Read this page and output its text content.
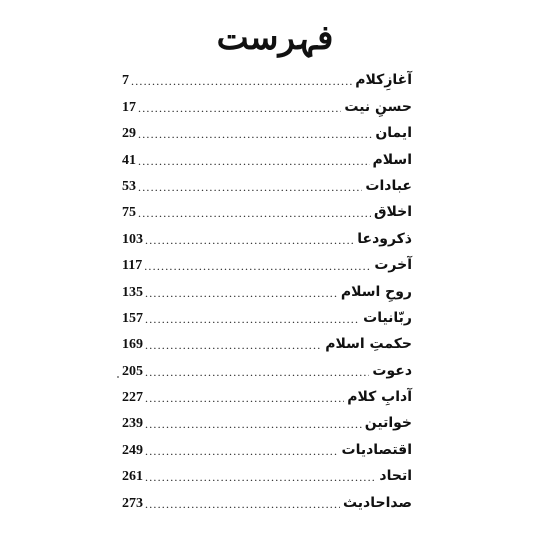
فہرست
7 .....	آغازِکلام
17 .....	حسنِ نیت
29 .....	ایمان
41 .....	اسلام
53 .....	عبادات
75 .....	اخلاق
103 .....	ذکرودعا
117 .....	آخرت
135 .....	روحِ اسلام
157 .....	ربّانیات
169 .....	حکمتِ اسلام
205 .....	دعوت
227 .....	آدابِ کلام
239 .....	خواتین
249 .....	اقتصادیات
261 .....	اتحاد
273 .....	صداحادیث
